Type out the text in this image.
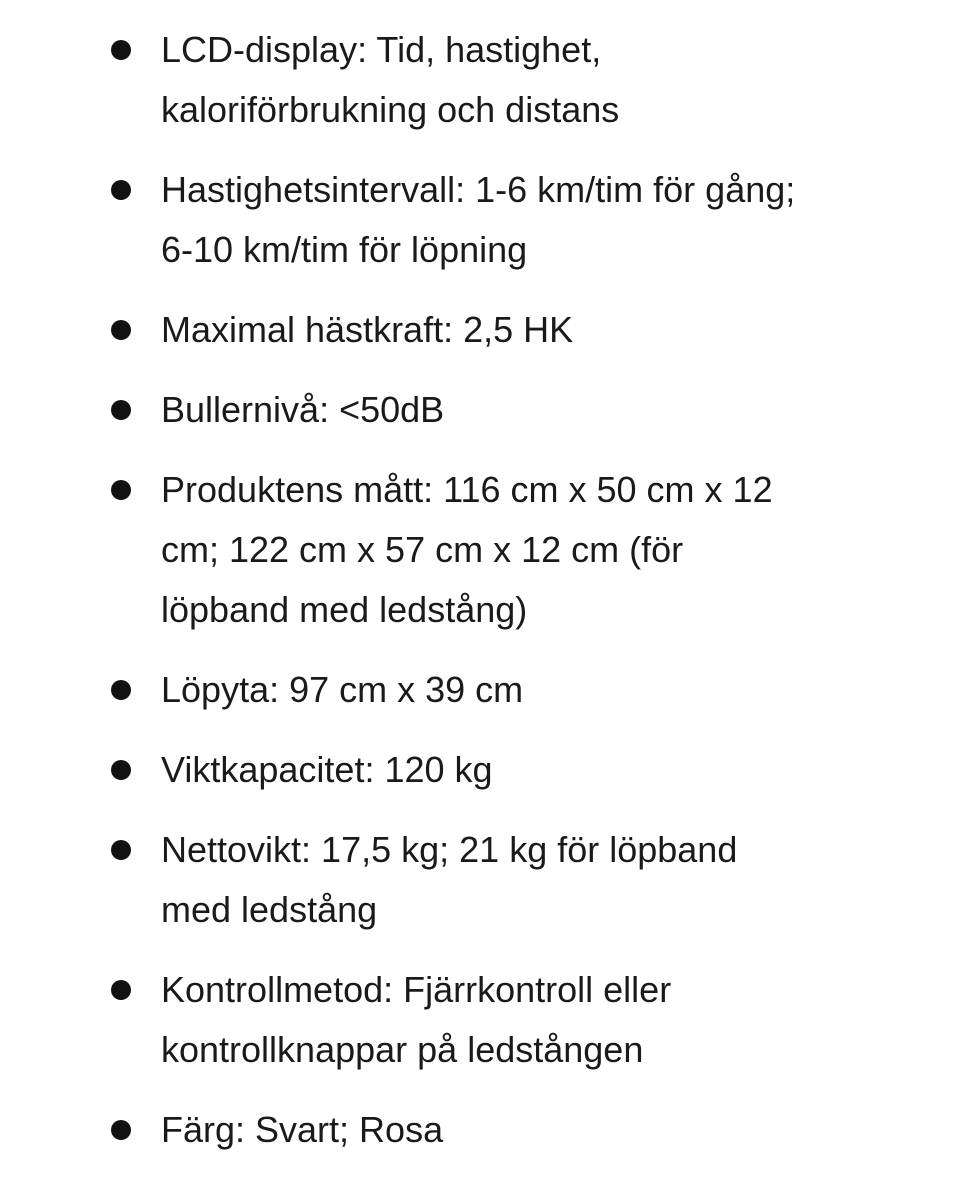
LCD-display: Tid, hastighet,
kaloriförbrukning och distans
Hastighetsintervall: 1-6 km/tim för gång;
6-10 km/tim för löpning
Maximal hästkraft: 2,5 HK
Bullernivå: <50dB
Produktens mått: 116 cm x 50 cm x 12
cm; 122 cm x 57 cm x 12 cm (för
löpband med ledstång)
Löpyta: 97 cm x 39 cm
Viktkapacitet: 120 kg
Nettovikt: 17,5 kg; 21 kg för löpband
med ledstång
Kontrollmetod: Fjärrkontroll eller
kontrollknappar på ledstången
Färg: Svart; Rosa
